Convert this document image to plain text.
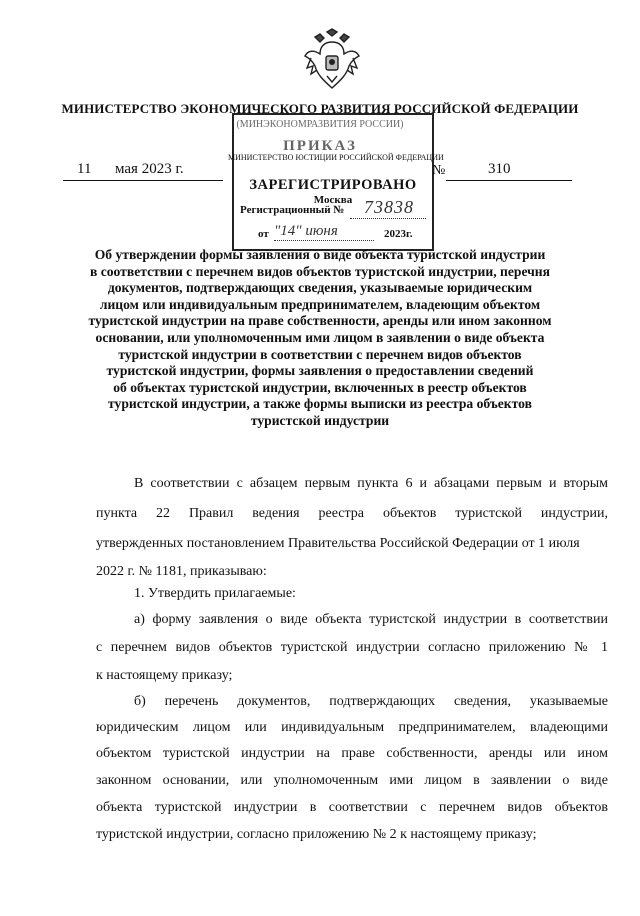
МИНИСТЕРСТВО ЭКОНОМИЧЕСКОГО РАЗВИТИЯ РОССИЙСКОЙ ФЕДЕРАЦИИ
(МИНЭКОНОМРАЗВИТИЯ РОССИИ)
ПРИКАЗ
МИНИСТЕРСТВО ЮСТИЦИИ РОССИЙСКОЙ ФЕДЕРАЦИИ
ЗАРЕГИСТРИРОВАНО
Москва
Регистрационный № 73838
от "14" июня	2023г.
11 мая 2023 г.	№	310
Об утверждении формы заявления о виде объекта туристской индустрии
в соответствии с перечнем видов объектов туристской индустрии, перечня
документов, подтверждающих сведения, указываемые юридическим
лицом или индивидуальным предпринимателем, владеющим объектом
туристской индустрии на праве собственности, аренды или ином законном
основании, или уполномоченным ими лицом в заявлении о виде объекта
туристской индустрии в соответствии с перечнем видов объектов
туристской индустрии, формы заявления о предоставлении сведений
об объектах туристской индустрии, включенных в реестр объектов
туристской индустрии, а также формы выписки из реестра объектов
туристской индустрии
В соответствии с абзацем первым пункта 6 и абзацами первым и вторым
пункта 22 Правил ведения реестра объектов туристской индустрии,
утвержденных постановлением Правительства Российской Федерации от 1 июля
2022 г. № 1181, приказываю:
1. Утвердить прилагаемые:
а) форму заявления о виде объекта туристской индустрии в соответствии
с перечнем видов объектов туристской индустрии согласно приложению № 1
к настоящему приказу;
б) перечень документов, подтверждающих сведения, указываемые
юридическим лицом или индивидуальным предпринимателем, владеющими
объектом туристской индустрии на праве собственности, аренды или ином
законном основании, или уполномоченным ими лицом в заявлении о виде
объекта туристской индустрии в соответствии с перечнем видов объектов
туристской индустрии, согласно приложению № 2 к настоящему приказу;
